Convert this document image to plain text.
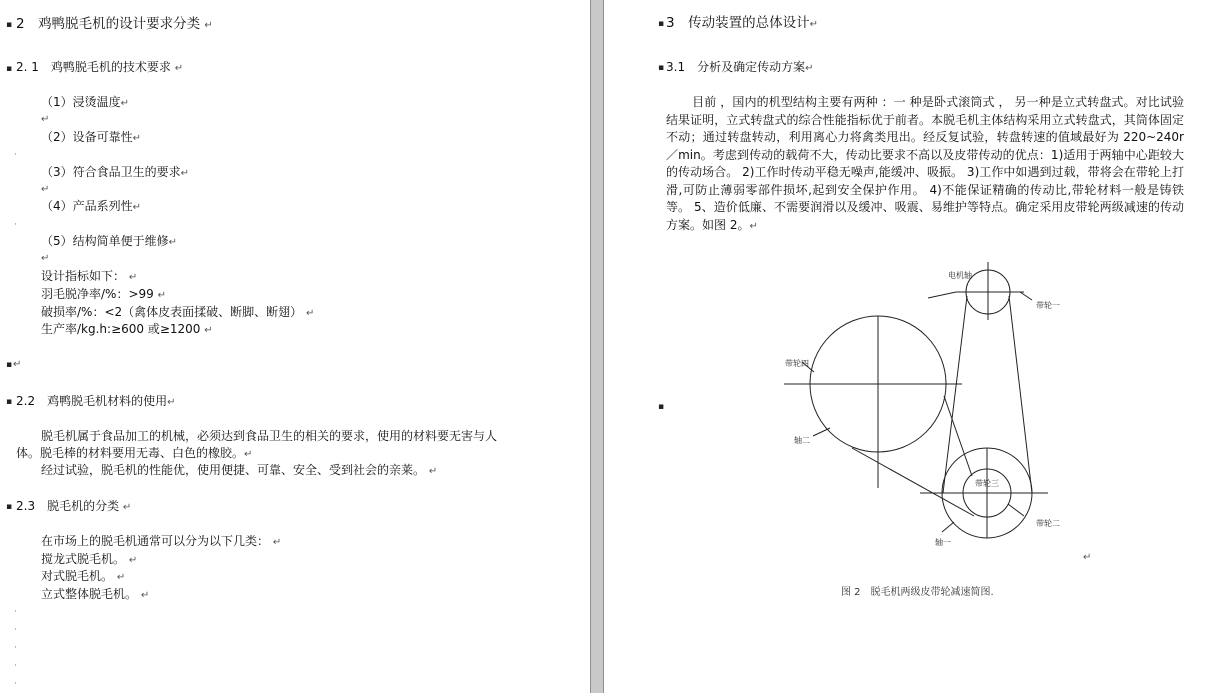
▪ 2　鸡鸭脱毛机的设计要求分类 ↵
▪ 2. 1　鸡鸭脱毛机的技术要求 ↵
（1）浸烫温度↵
↵
（2）设备可靠性↵
·
（3）符合食品卫生的要求↵
↵
（4）产品系列性↵
·
（5）结构简单便于维修↵
↵
设计指标如下： ↵
羽毛脱净率/%：>99 ↵
破损率/%：<2（禽体皮表面揉破、断脚、断翅） ↵
生产率/kg.h:≥600 或≥1200 ↵
▪ ↵
▪ 2.2　鸡鸭脱毛机材料的使用↵
脱毛机属于食品加工的机械，必须达到食品卫生的相关的要求，使用的材料要无害与人
体。脱毛棒的材料要用无毒、白色的橡胶。↵
经过试验，脱毛机的性能优，使用便捷、可靠、安全、受到社会的亲莱。 ↵
▪ 2.3　脱毛机的分类 ↵
在市场上的脱毛机通常可以分为以下几类： ↵
搅龙式脱毛机。 ↵
对式脱毛机。 ↵
立式整体脱毛机。 ↵
·
·
·
·
·
▪ 3　传动装置的总体设计↵
▪ 3.1　分析及确定传动方案↵
目前 ，国内的机型结构主要有两种 ：一 种是卧式滚筒式 ， 另一种是立式转盘式。对比试验结果证明，立式转盘式的综合性能指标优于前者。本脱毛机主体结构采用立式转盘式，其筒体固定不动；通过转盘转动，利用离心力将禽类甩出。经反复试验，转盘转速的值域最好为 220~240r／min。考虑到传动的载荷不大，传动比要求不高以及皮带传动的优点：1)适用于两轴中心距较大的传动场合。 2)工作时传动平稳无噪声,能缓冲、吸振。 3)工作中如遇到过载，带将会在带轮上打滑,可防止薄弱零部件损坏,起到安全保护作用。 4)不能保证精确的传动比,带轮材料一般是铸铁等。 5、造价低廉、不需要润滑以及缓冲、吸震、易维护等特点。确定采用皮带轮两级减速的传动方案。如图 2。↵
▪
电机轴
带轮一
带轮四
轴二
带轮三
带轮二
轴一
↵
图 2　脱毛机两级皮带轮减速简图.
